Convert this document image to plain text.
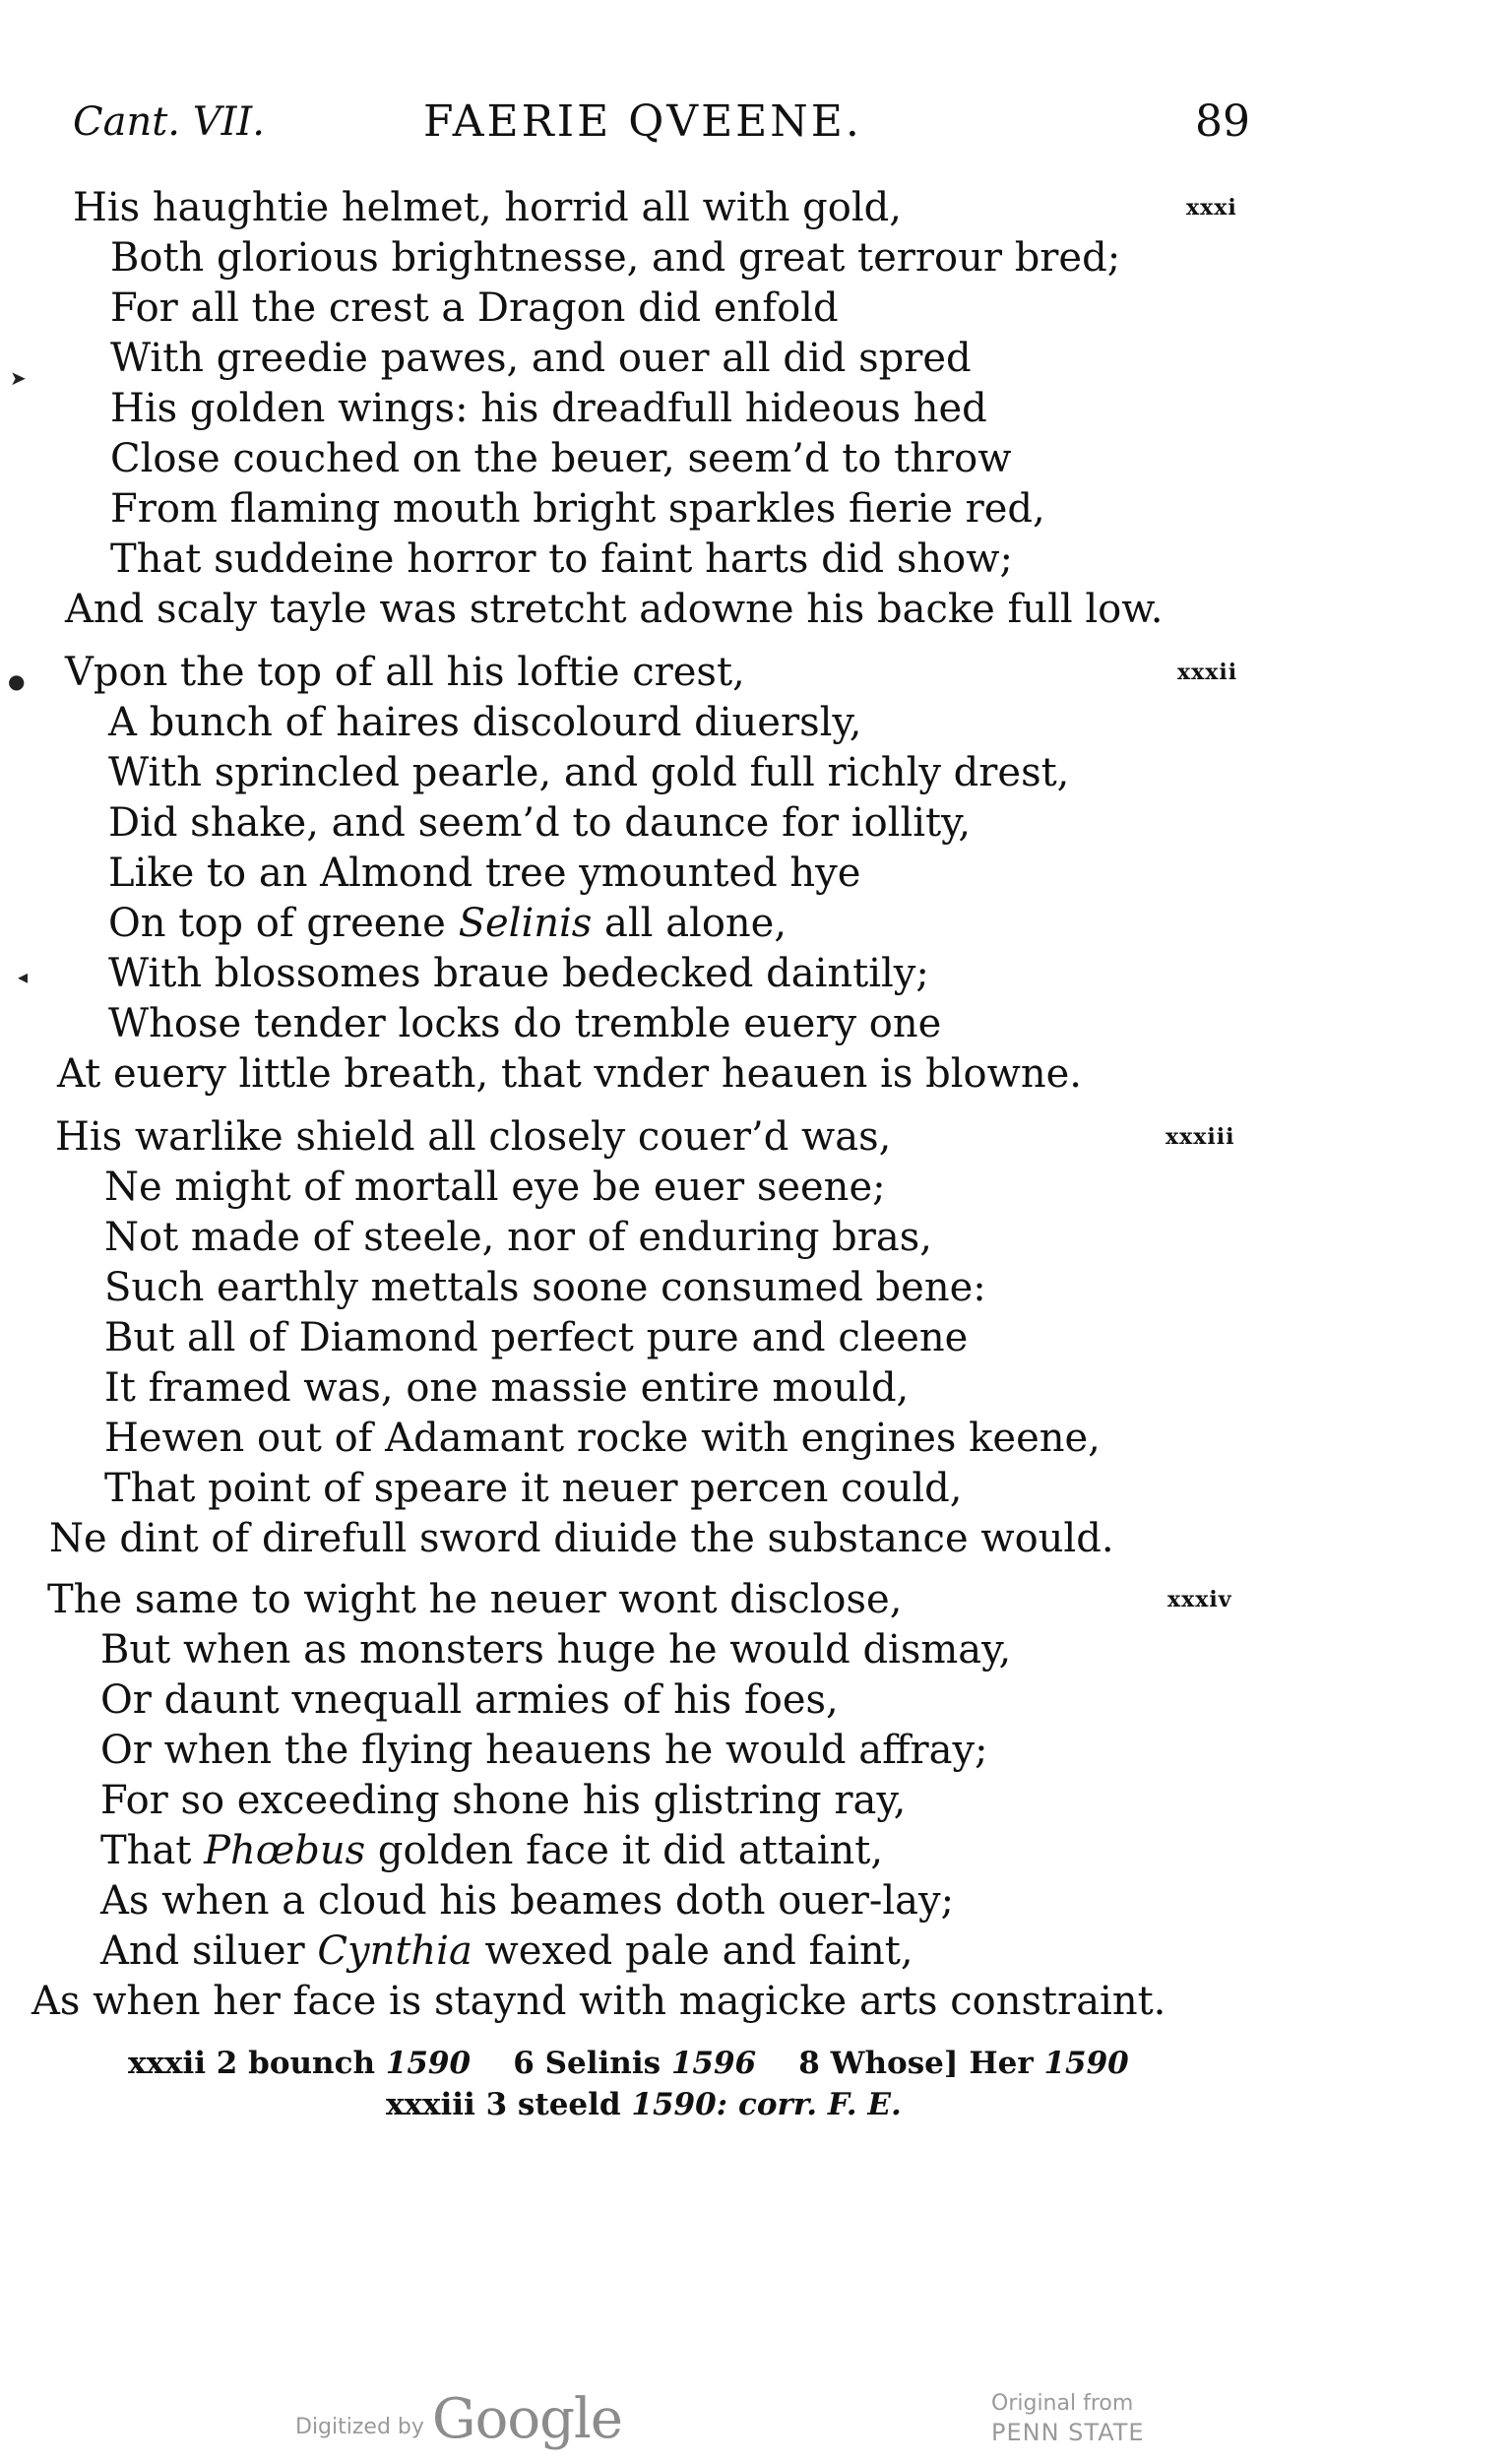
Cant. VII.	FAERIE QVEENE.	89
His haughtie helmet, horrid all with gold,	xxxi
Both glorious brightnesse, and great terrour bred;
For all the crest a Dragon did enfold
With greedie pawes, and ouer all did spred
His golden wings: his dreadfull hideous hed
Close couched on the beuer, seem’d to throw
From flaming mouth bright sparkles fierie red,
That suddeine horror to faint harts did show;
And scaly tayle was stretcht adowne his backe full low.
Vpon the top of all his loftie crest,	xxxii
A bunch of haires discolourd diuersly,
With sprincled pearle, and gold full richly drest,
Did shake, and seem’d to daunce for iollity,
Like to an Almond tree ymounted hye
On top of greene Selinis all alone,
With blossomes braue bedecked daintily;
Whose tender locks do tremble euery one
At euery little breath, that vnder heauen is blowne.
His warlike shield all closely couer’d was,	xxxiii
Ne might of mortall eye be euer seene;
Not made of steele, nor of enduring bras,
Such earthly mettals soone consumed bene:
But all of Diamond perfect pure and cleene
It framed was, one massie entire mould,
Hewen out of Adamant rocke with engines keene,
That point of speare it neuer percen could,
Ne dint of direfull sword diuide the substance would.
The same to wight he neuer wont disclose,	xxxiv
But when as monsters huge he would dismay,
Or daunt vnequall armies of his foes,
Or when the flying heauens he would affray;
For so exceeding shone his glistring ray,
That Phœbus golden face it did attaint,
As when a cloud his beames doth ouer-lay;
And siluer Cynthia wexed pale and faint,
As when her face is staynd with magicke arts constraint.
xxxii 2 bounch 1590 6 Selinis 1596 8 Whose] Her 1590
xxxiii 3 steeld 1590: corr. F. E.
➤
●
◂
Digitized by Google	Original from
PENN STATE
